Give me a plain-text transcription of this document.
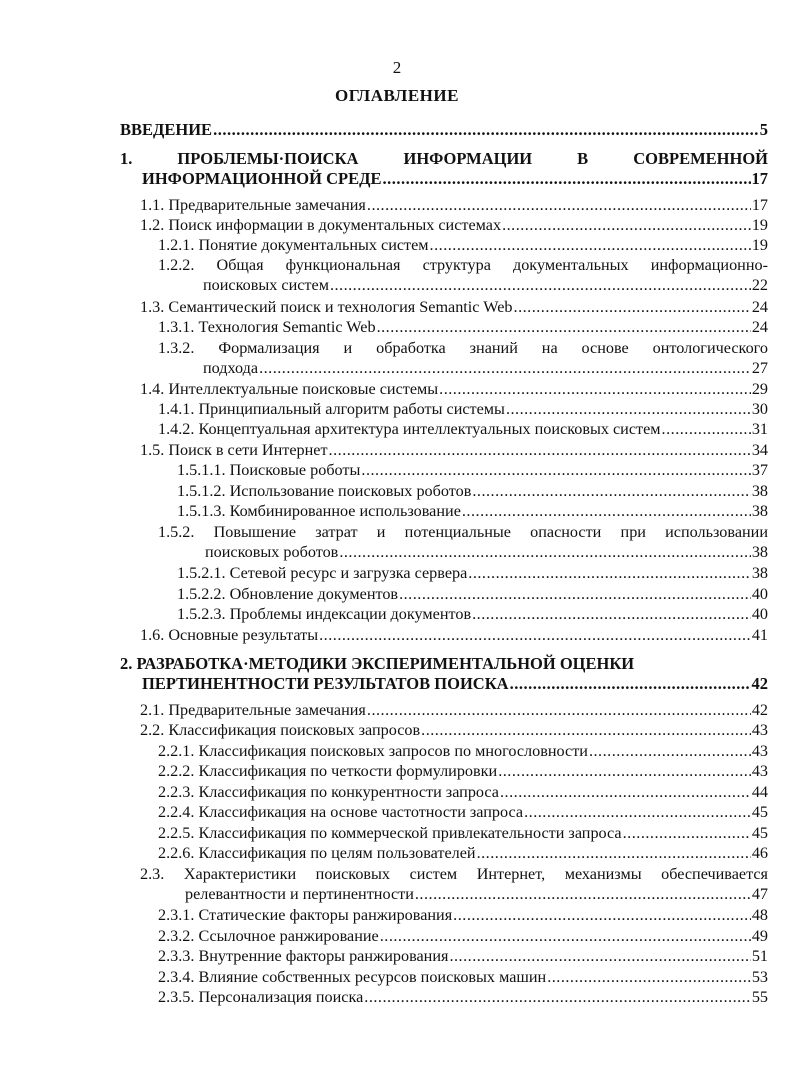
2
ОГЛАВЛЕНИЕ
ВВЕДЕНИЕ .....	5
1. ПРОБЛЕМЫ·ПОИСКА ИНФОРМАЦИИ В СОВРЕМЕННОЙ
ИНФОРМАЦИОННОЙ СРЕДЕ .....	17
1.1. Предварительные замечания .....	17
1.2. Поиск информации в документальных системах .....	19
1.2.1. Понятие документальных систем .....	19
1.2.2. Общая функциональная структура документальных информационно-
поисковых систем .....	22
1.3. Семантический поиск и технология Semantic Web .....	24
1.3.1. Технология Semantic Web .....	24
1.3.2. Формализация и обработка знаний на основе онтологического
подхода .....	27
1.4. Интеллектуальные поисковые системы .....	29
1.4.1. Принципиальный алгоритм работы системы .....	30
1.4.2. Концептуальная архитектура интеллектуальных поисковых систем .....	31
1.5. Поиск в сети Интернет .....	34
1.5.1.1. Поисковые роботы .....	37
1.5.1.2. Использование поисковых роботов .....	38
1.5.1.3. Комбинированное использование .....	38
1.5.2. Повышение затрат и потенциальные опасности при использовании
поисковых роботов .....	38
1.5.2.1. Сетевой ресурс и загрузка сервера .....	38
1.5.2.2. Обновление документов .....	40
1.5.2.3. Проблемы индексации документов .....	40
1.6. Основные результаты .....	41
2. РАЗРАБОТКА·МЕТОДИКИ ЭКСПЕРИМЕНТАЛЬНОЙ ОЦЕНКИ
ПЕРТИНЕНТНОСТИ РЕЗУЛЬТАТОВ ПОИСКА .....	42
2.1. Предварительные замечания .....	42
2.2. Классификация поисковых запросов .....	43
2.2.1. Классификация поисковых запросов по многословности .....	43
2.2.2. Классификация по четкости формулировки .....	43
2.2.3. Классификация по конкурентности запроса .....	44
2.2.4. Классификация на основе частотности запроса .....	45
2.2.5. Классификация по коммерческой привлекательности запроса .....	45
2.2.6. Классификация по целям пользователей .....	46
2.3. Характеристики поисковых систем Интернет, механизмы обеспечивается
релевантности и пертинентности .....	47
2.3.1. Статические факторы ранжирования .....	48
2.3.2. Ссылочное ранжирование .....	49
2.3.3. Внутренние факторы ранжирования .....	51
2.3.4. Влияние собственных ресурсов поисковых машин .....	53
2.3.5. Персонализация поиска .....	55
